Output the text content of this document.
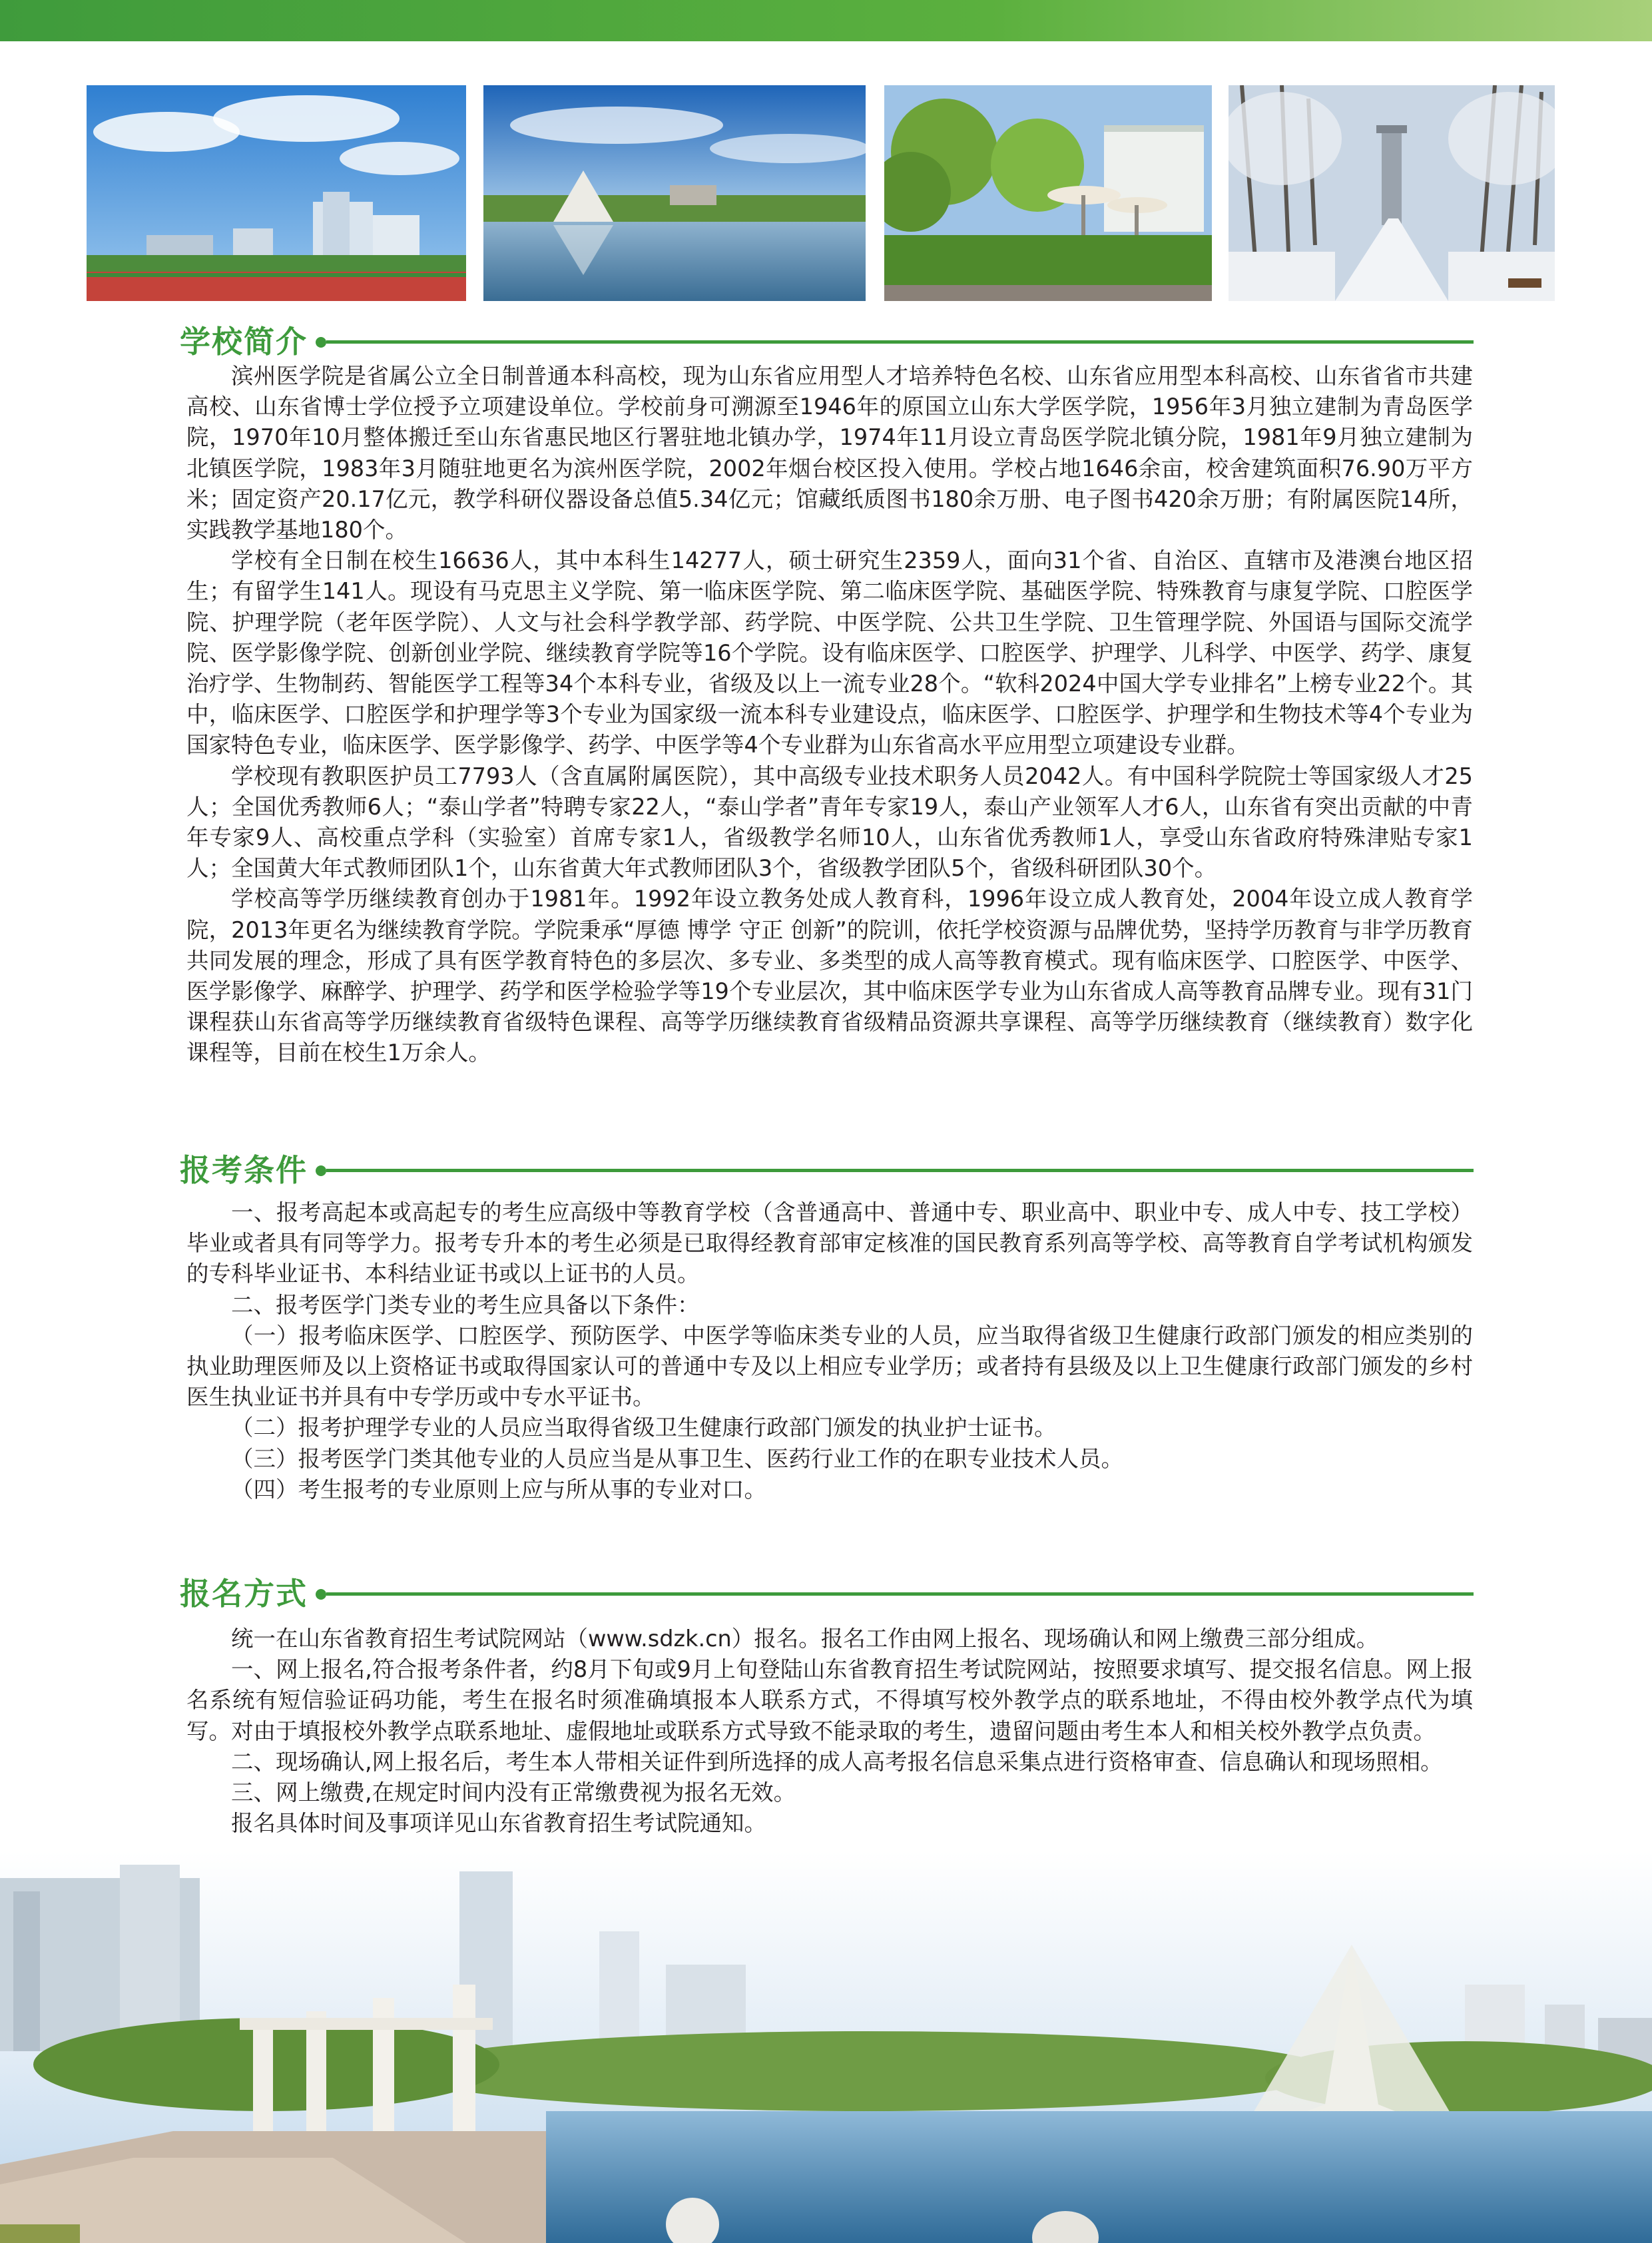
学校简介

滨州医学院是省属公立全日制普通本科高校，现为山东省应用型人才培养特色名校、山东省应用型本科高校、山东省省市共建高校、山东省博士学位授予立项建设单位。学校前身可溯源至1946年的原国立山东大学医学院，1956年3月独立建制为青岛医学院，1970年10月整体搬迁至山东省惠民地区行署驻地北镇办学，1974年11月设立青岛医学院北镇分院，1981年9月独立建制为北镇医学院，1983年3月随驻地更名为滨州医学院，2002年烟台校区投入使用。学校占地1646余亩，校舍建筑面积76.90万平方米；固定资产20.17亿元，教学科研仪器设备总值5.34亿元；馆藏纸质图书180余万册、电子图书420余万册；有附属医院14所，实践教学基地180个。

学校有全日制在校生16636人，其中本科生14277人，硕士研究生2359人，面向31个省、自治区、直辖市及港澳台地区招生；有留学生141人。现设有马克思主义学院、第一临床医学院、第二临床医学院、基础医学院、特殊教育与康复学院、口腔医学院、护理学院（老年医学院）、人文与社会科学教学部、药学院、中医学院、公共卫生学院、卫生管理学院、外国语与国际交流学院、医学影像学院、创新创业学院、继续教育学院等16个学院。设有临床医学、口腔医学、护理学、儿科学、中医学、药学、康复治疗学、生物制药、智能医学工程等34个本科专业，省级及以上一流专业28个。“软科2024中国大学专业排名”上榜专业22个。其中，临床医学、口腔医学和护理学等3个专业为国家级一流本科专业建设点，临床医学、口腔医学、护理学和生物技术等4个专业为国家特色专业，临床医学、医学影像学、药学、中医学等4个专业群为山东省高水平应用型立项建设专业群。

学校现有教职医护员工7793人（含直属附属医院），其中高级专业技术职务人员2042人。有中国科学院院士等国家级人才25人；全国优秀教师6人；“泰山学者”特聘专家22人，“泰山学者”青年专家19人，泰山产业领军人才6人，山东省有突出贡献的中青年专家9人、高校重点学科（实验室）首席专家1人，省级教学名师10人，山东省优秀教师1人，享受山东省政府特殊津贴专家1人；全国黄大年式教师团队1个，山东省黄大年式教师团队3个，省级教学团队5个，省级科研团队30个。

学校高等学历继续教育创办于1981年。1992年设立教务处成人教育科，1996年设立成人教育处，2004年设立成人教育学院，2013年更名为继续教育学院。学院秉承“厚德 博学 守正 创新”的院训，依托学校资源与品牌优势，坚持学历教育与非学历教育共同发展的理念，形成了具有医学教育特色的多层次、多专业、多类型的成人高等教育模式。现有临床医学、口腔医学、中医学、医学影像学、麻醉学、护理学、药学和医学检验学等19个专业层次，其中临床医学专业为山东省成人高等教育品牌专业。现有31门课程获山东省高等学历继续教育省级特色课程、高等学历继续教育省级精品资源共享课程、高等学历继续教育（继续教育）数字化课程等，目前在校生1万余人。

报考条件

一、报考高起本或高起专的考生应高级中等教育学校（含普通高中、普通中专、职业高中、职业中专、成人中专、技工学校）毕业或者具有同等学力。报考专升本的考生必须是已取得经教育部审定核准的国民教育系列高等学校、高等教育自学考试机构颁发的专科毕业证书、本科结业证书或以上证书的人员。

二、报考医学门类专业的考生应具备以下条件：

（一）报考临床医学、口腔医学、预防医学、中医学等临床类专业的人员，应当取得省级卫生健康行政部门颁发的相应类别的执业助理医师及以上资格证书或取得国家认可的普通中专及以上相应专业学历；或者持有县级及以上卫生健康行政部门颁发的乡村医生执业证书并具有中专学历或中专水平证书。

（二）报考护理学专业的人员应当取得省级卫生健康行政部门颁发的执业护士证书。

（三）报考医学门类其他专业的人员应当是从事卫生、医药行业工作的在职专业技术人员。

（四）考生报考的专业原则上应与所从事的专业对口。

报名方式

统一在山东省教育招生考试院网站（www.sdzk.cn）报名。报名工作由网上报名、现场确认和网上缴费三部分组成。

一、网上报名,符合报考条件者，约8月下旬或9月上旬登陆山东省教育招生考试院网站，按照要求填写、提交报名信息。网上报名系统有短信验证码功能，考生在报名时须准确填报本人联系方式，不得填写校外教学点的联系地址，不得由校外教学点代为填写。对由于填报校外教学点联系地址、虚假地址或联系方式导致不能录取的考生，遗留问题由考生本人和相关校外教学点负责。

二、现场确认,网上报名后，考生本人带相关证件到所选择的成人高考报名信息采集点进行资格审查、信息确认和现场照相。

三、网上缴费,在规定时间内没有正常缴费视为报名无效。

报名具体时间及事项详见山东省教育招生考试院通知。
